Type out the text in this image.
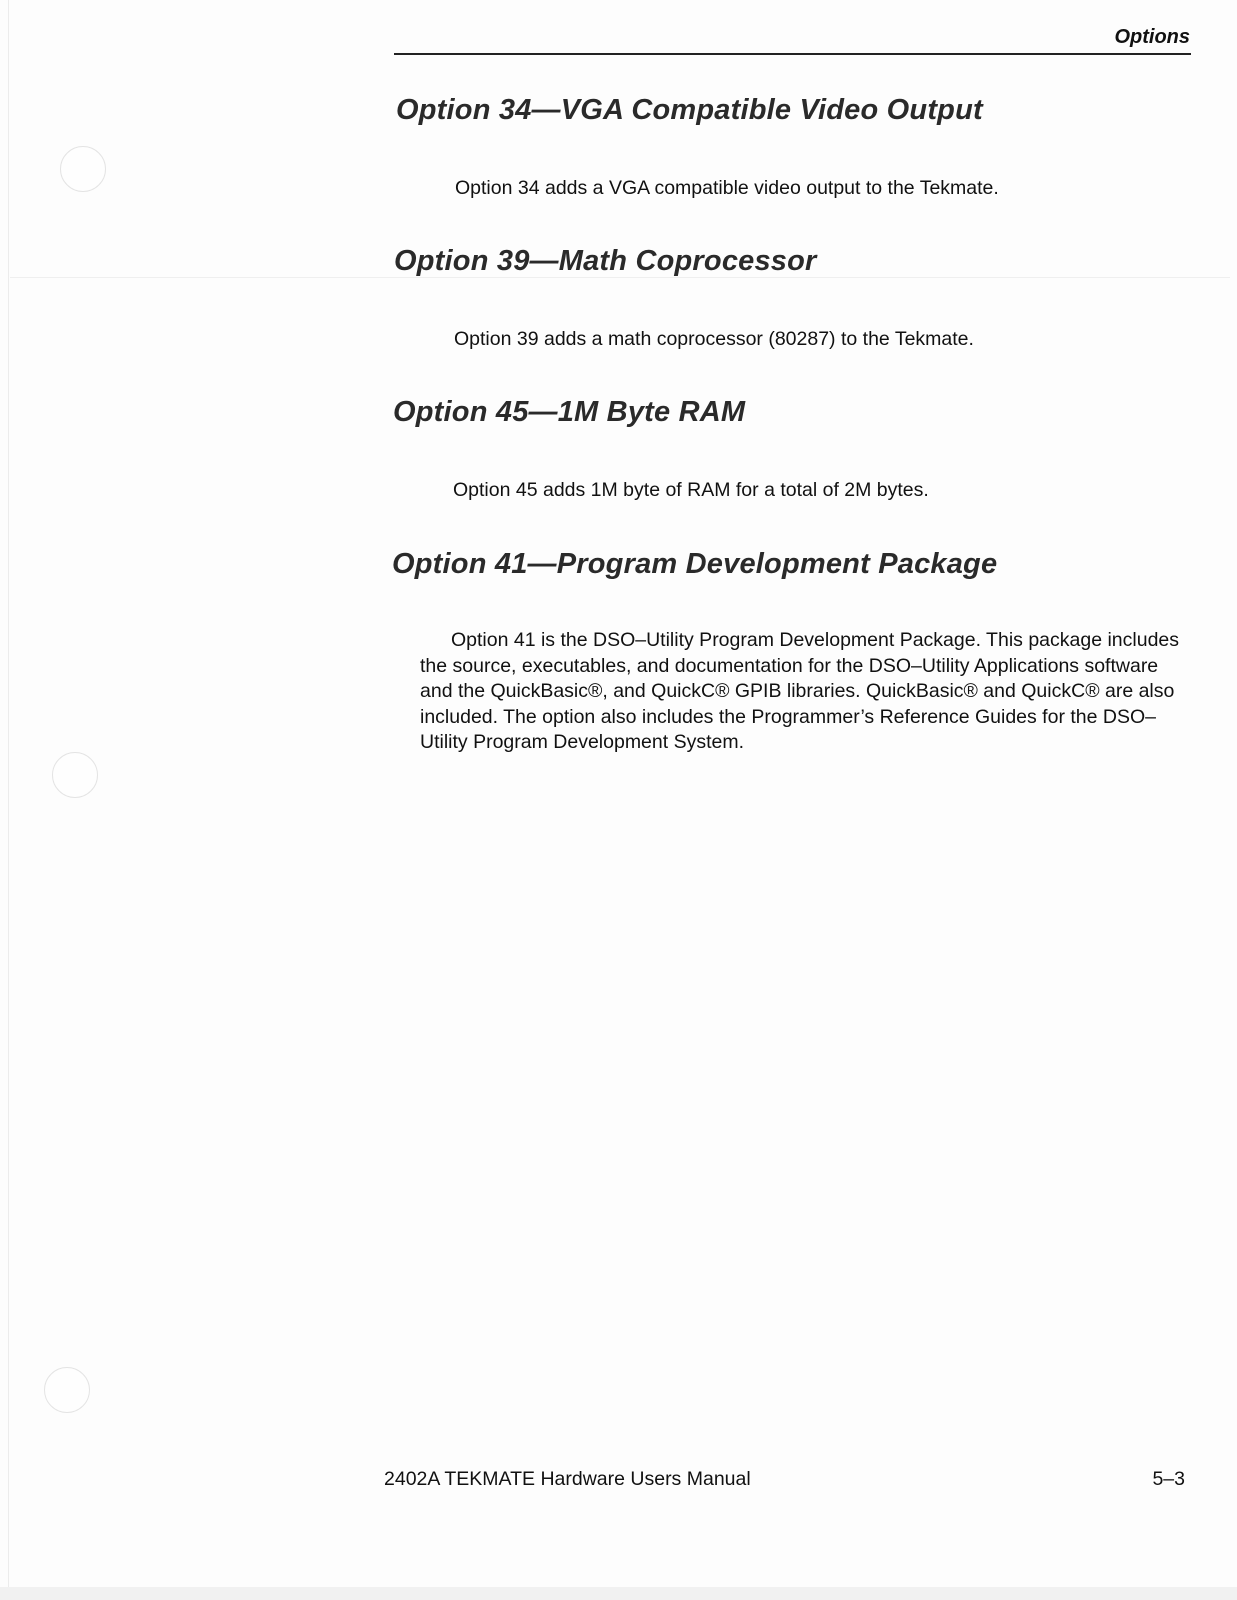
Options
Option 34—VGA Compatible Video Output

Option 34 adds a VGA compatible video output to the Tekmate.

Option 39—Math Coprocessor

Option 39 adds a math coprocessor (80287) to the Tekmate.

Option 45—1M Byte RAM

Option 45 adds 1M byte of RAM for a total of 2M bytes.

Option 41—Program Development Package

Option 41 is the DSO–Utility Program Development Package. This package includes the source, executables, and documentation for the DSO–Utility Applications software and the QuickBasic®, and QuickC® GPIB libraries. QuickBasic® and QuickC® are also included. The option also includes the Programmer’s Reference Guides for the DSO–Utility Program Development System.

2402A TEKMATE Hardware Users Manual	5–3
